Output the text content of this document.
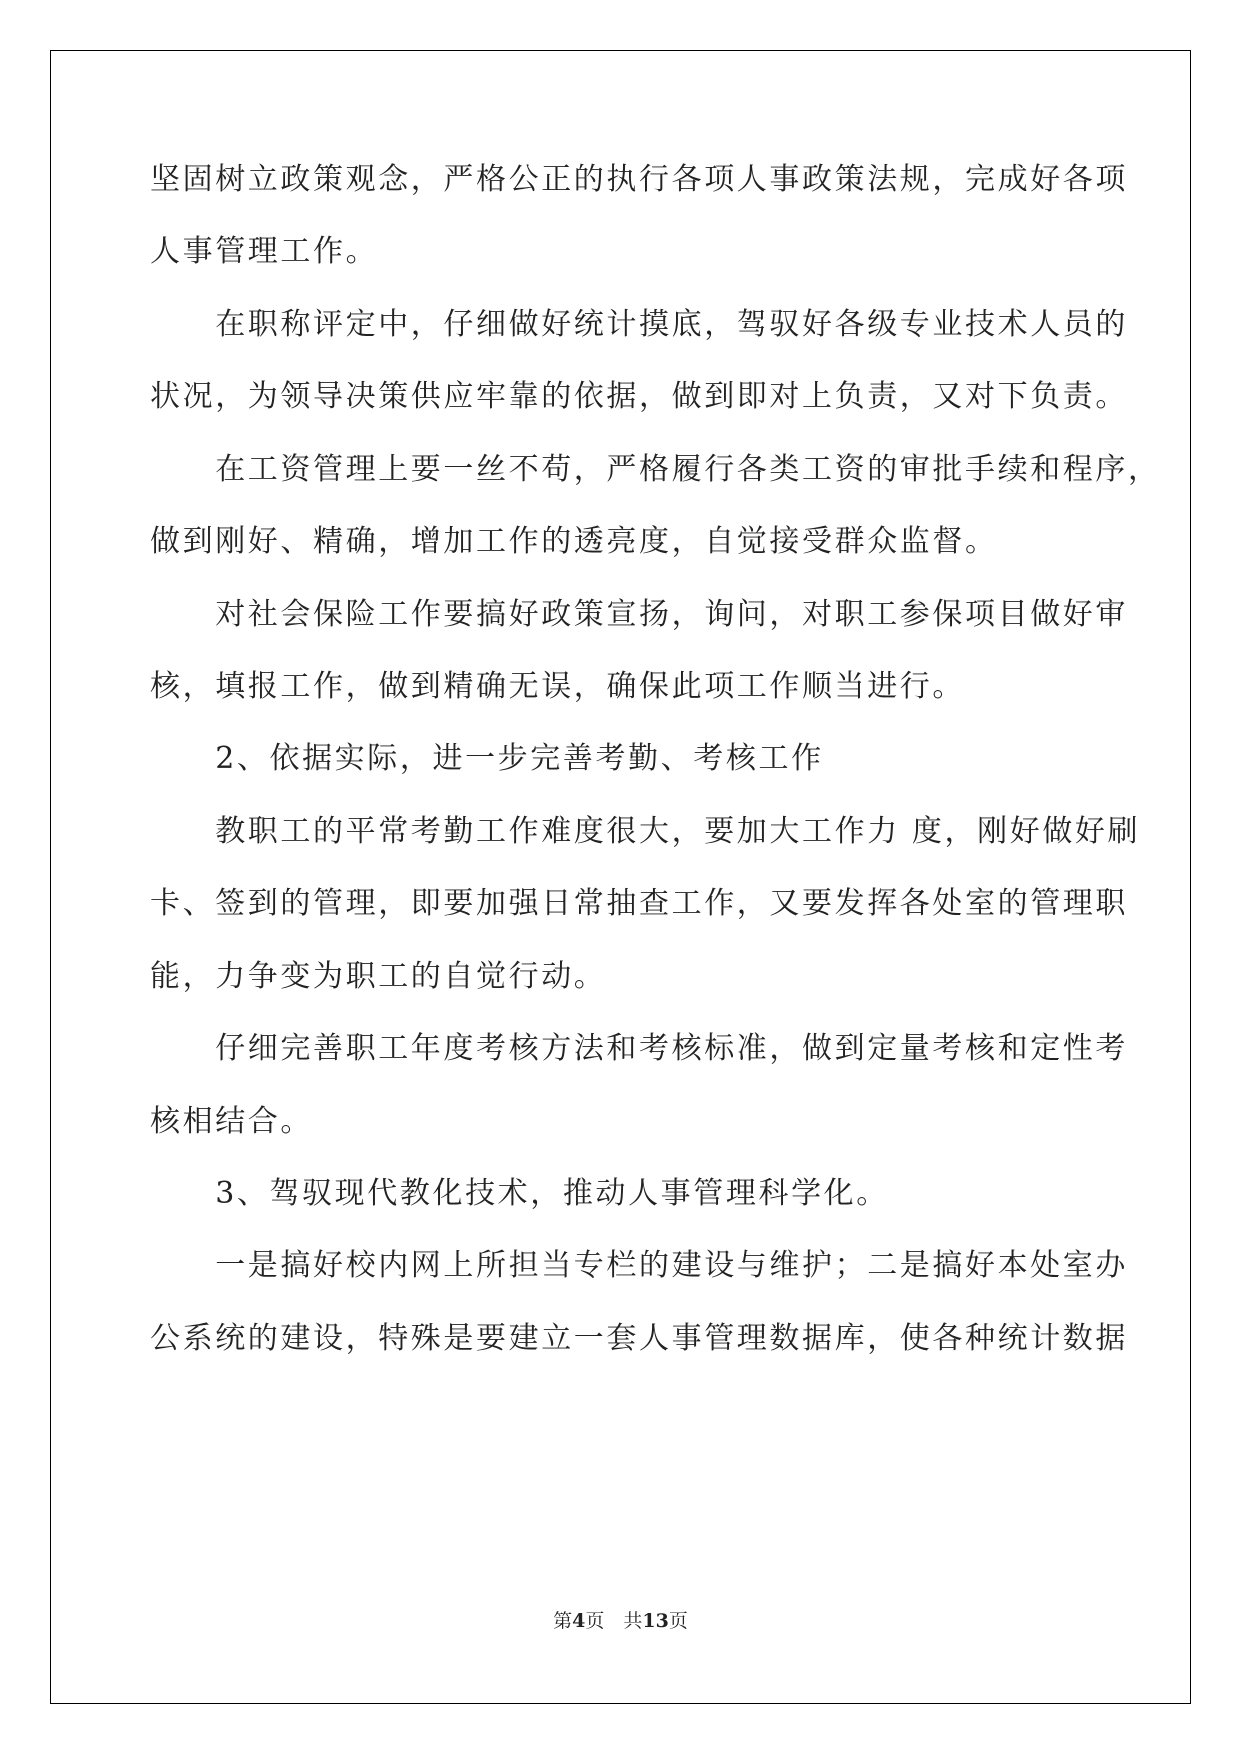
坚固树立政策观念，严格公正的执行各项人事政策法规，完成好各项
人事管理工作。
　　在职称评定中，仔细做好统计摸底，驾驭好各级专业技术人员的
状况，为领导决策供应牢靠的依据，做到即对上负责，又对下负责。
　　在工资管理上要一丝不苟，严格履行各类工资的审批手续和程序，
做到刚好、精确，增加工作的透亮度，自觉接受群众监督。
　　对社会保险工作要搞好政策宣扬，询问，对职工参保项目做好审
核，填报工作，做到精确无误，确保此项工作顺当进行。
　　2、依据实际，进一步完善考勤、考核工作
　　教职工的平常考勤工作难度很大，要加大工作力 度，刚好做好刷
卡、签到的管理，即要加强日常抽查工作，又要发挥各处室的管理职
能，力争变为职工的自觉行动。
　　仔细完善职工年度考核方法和考核标准，做到定量考核和定性考
核相结合。
　　3、驾驭现代教化技术，推动人事管理科学化。
　　一是搞好校内网上所担当专栏的建设与维护；二是搞好本处室办
公系统的建设，特殊是要建立一套人事管理数据库，使各种统计数据
第4页　共13页
